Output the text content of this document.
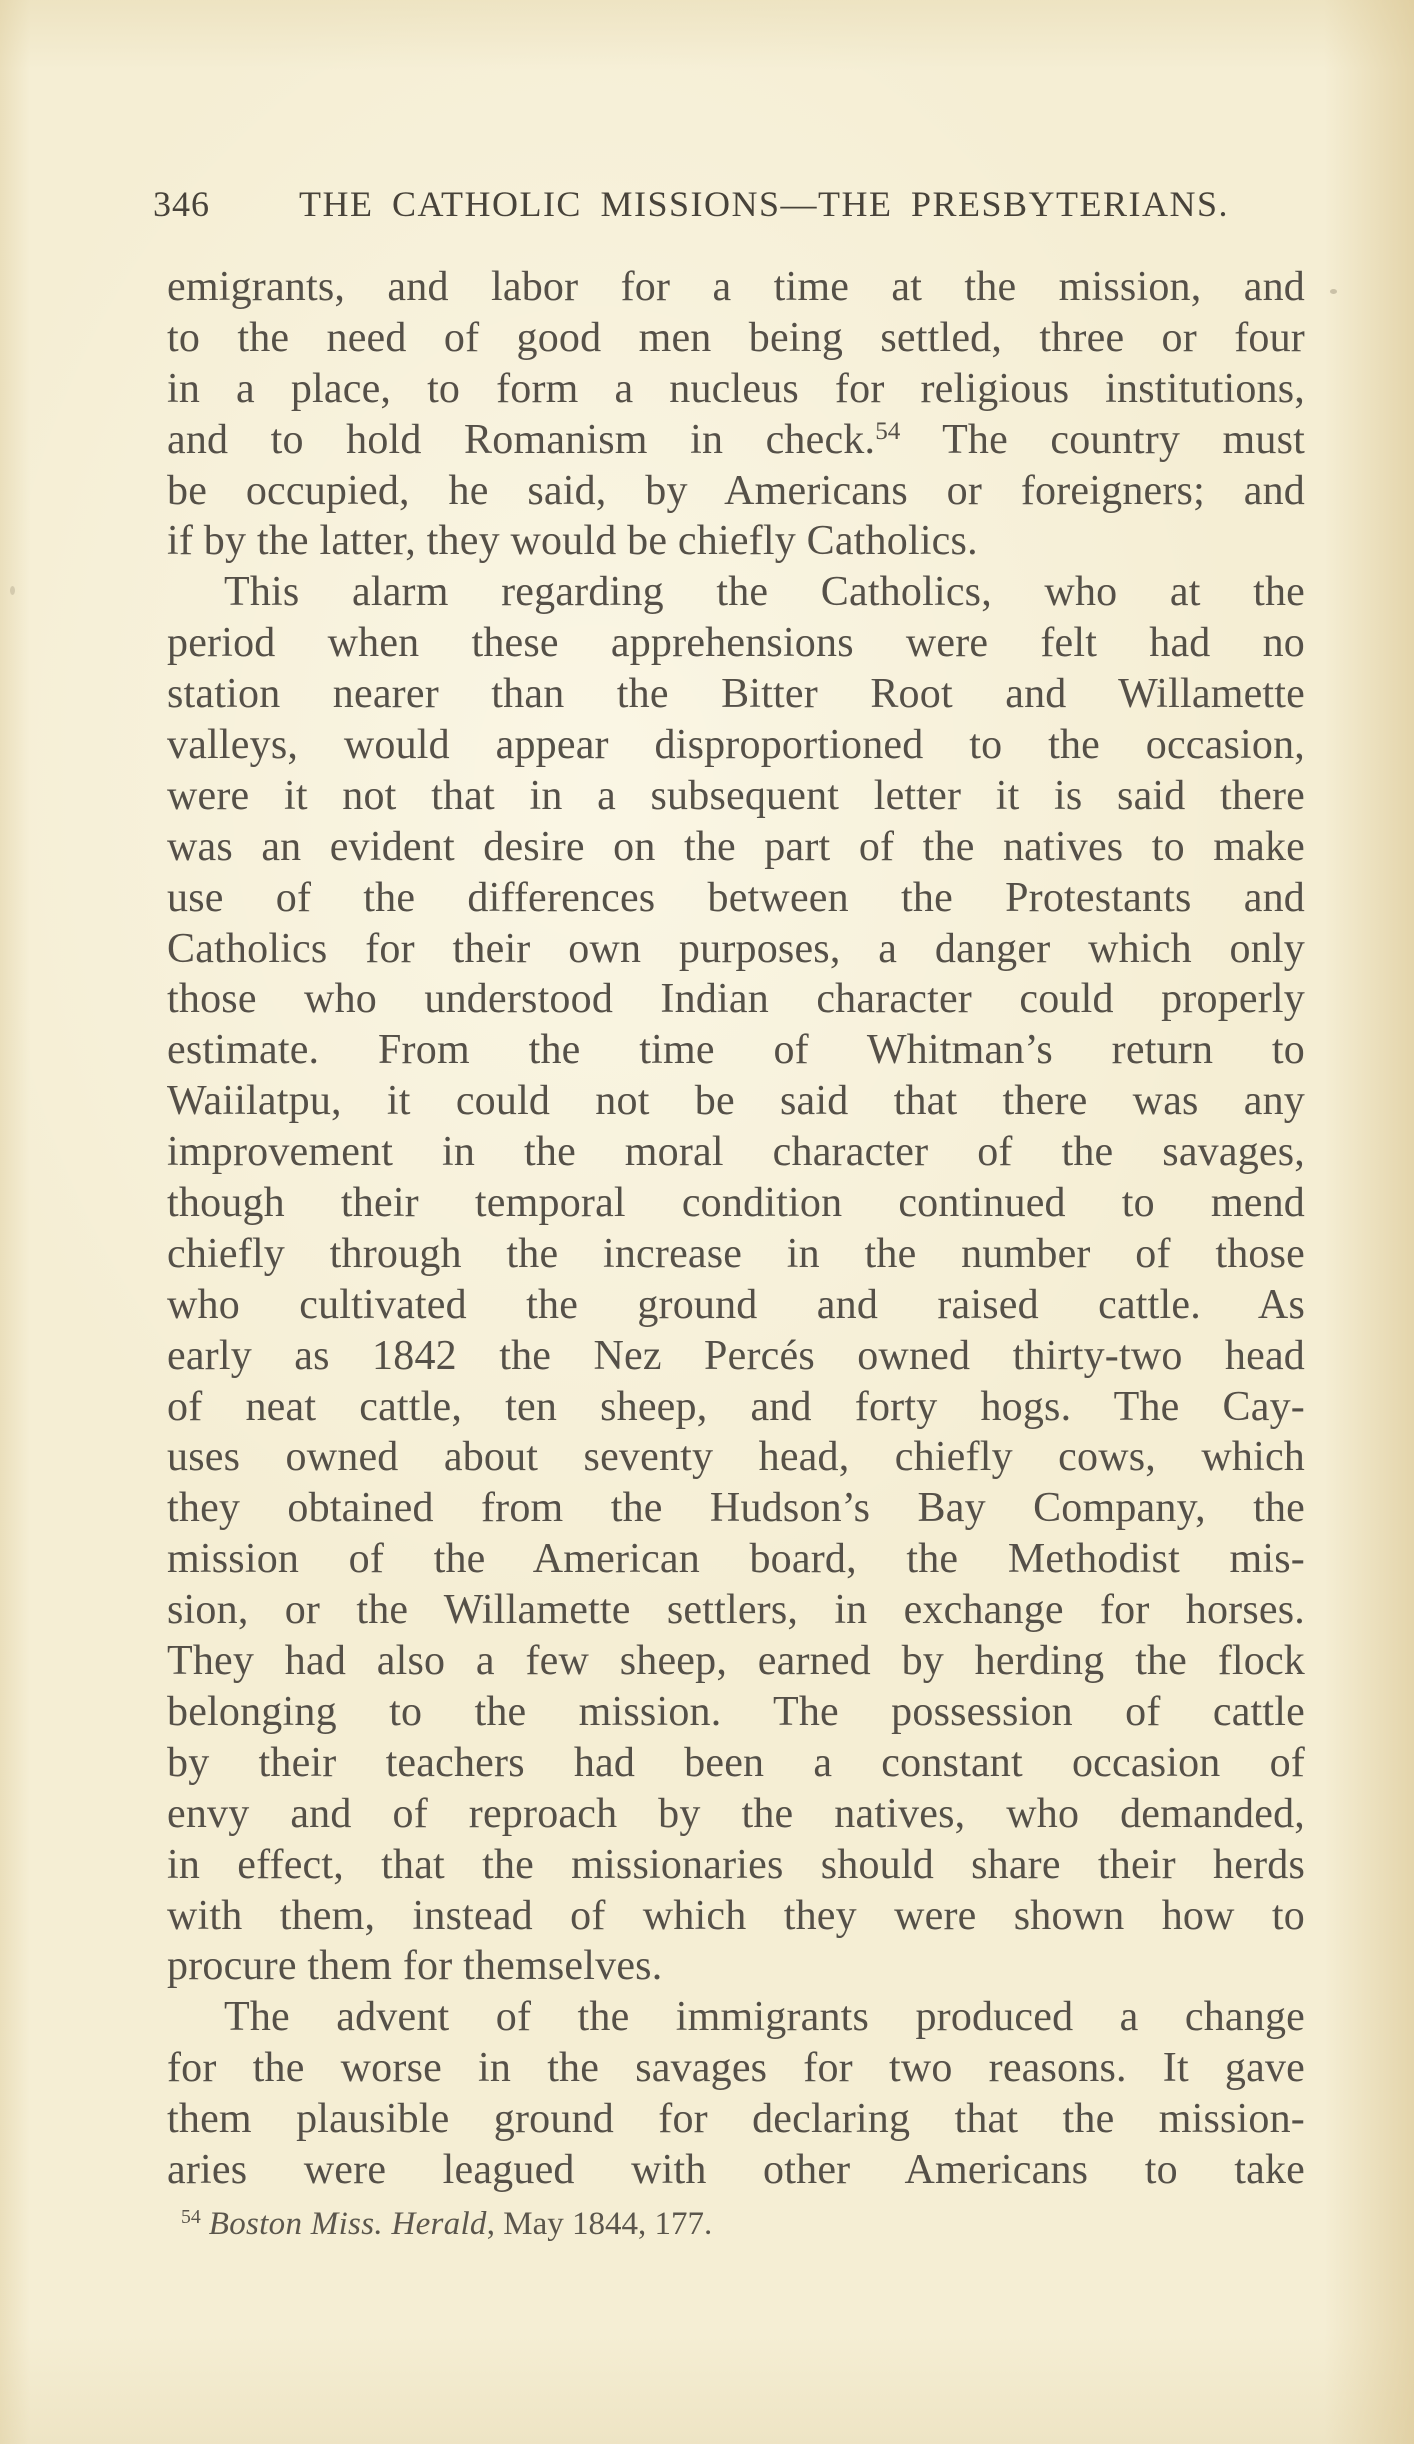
346 THE CATHOLIC MISSIONS—THE PRESBYTERIANS.
emigrants, and labor for a time at the mission, and
to the need of good men being settled, three or four
in a place, to form a nucleus for religious institutions,
and to hold Romanism in check.$^{54}$ The country must
be occupied, he said, by Americans or foreigners; and
if by the latter, they would be chiefly Catholics.
This alarm regarding the Catholics, who at the
period when these apprehensions were felt had no
station nearer than the Bitter Root and Willamette
valleys, would appear disproportioned to the occasion,
were it not that in a subsequent letter it is said there
was an evident desire on the part of the natives to make
use of the differences between the Protestants and
Catholics for their own purposes, a danger which only
those who understood Indian character could properly
estimate. From the time of Whitman’s return to
Waiilatpu, it could not be said that there was any
improvement in the moral character of the savages,
though their temporal condition continued to mend
chiefly through the increase in the number of those
who cultivated the ground and raised cattle. As
early as 1842 the Nez Percés owned thirty-two head
of neat cattle, ten sheep, and forty hogs. The Cay-
uses owned about seventy head, chiefly cows, which
they obtained from the Hudson’s Bay Company, the
mission of the American board, the Methodist mis-
sion, or the Willamette settlers, in exchange for horses.
They had also a few sheep, earned by herding the flock
belonging to the mission. The possession of cattle
by their teachers had been a constant occasion of
envy and of reproach by the natives, who demanded,
in effect, that the missionaries should share their herds
with them, instead of which they were shown how to
procure them for themselves.
The advent of the immigrants produced a change
for the worse in the savages for two reasons. It gave
them plausible ground for declaring that the mission-
aries were leagued with other Americans to take
$^{54}$ Boston Miss. Herald, May 1844, 177.
